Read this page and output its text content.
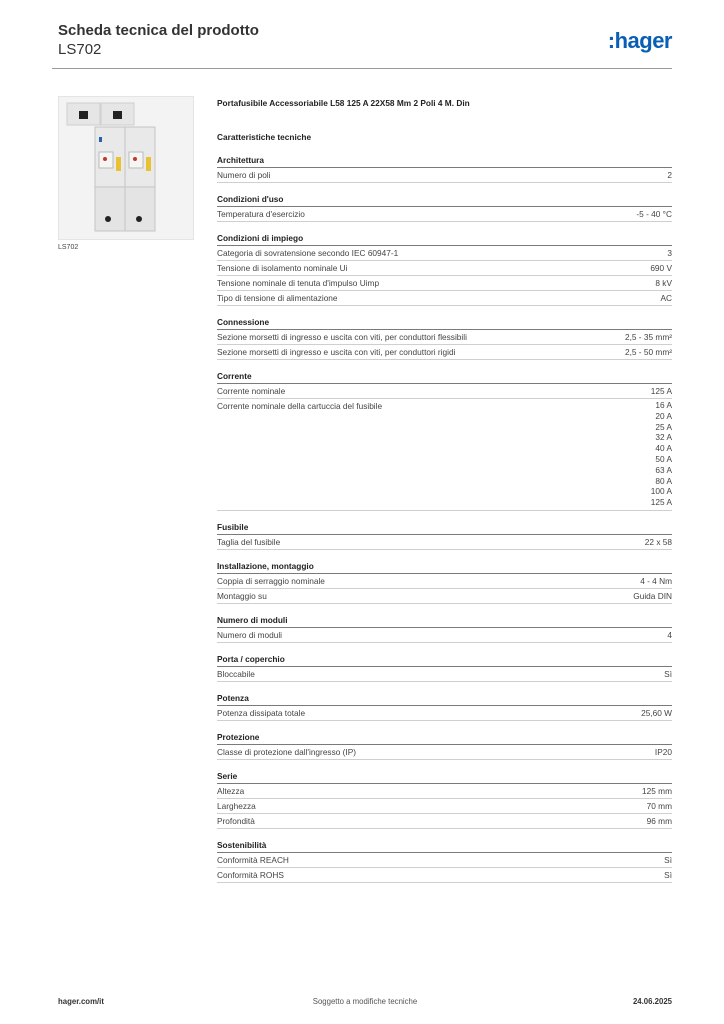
Scheda tecnica del prodotto
LS702	:hager
LS702
Portafusibile Accessoriabile L58 125 A 22X58 Mm 2 Poli 4 M. Din
Caratteristiche tecniche
Architettura
Numero di poli	2
Condizioni d'uso
Temperatura d'esercizio	-5 - 40 °C
Condizioni di impiego
Categoria di sovratensione secondo IEC 60947-1	3
Tensione di isolamento nominale Ui	690 V
Tensione nominale di tenuta d'impulso Uimp	8 kV
Tipo di tensione di alimentazione	AC
Connessione
Sezione morsetti di ingresso e uscita con viti, per conduttori flessibili	2,5 - 35 mm²
Sezione morsetti di ingresso e uscita con viti, per conduttori rigidi	2,5 - 50 mm²
Corrente
Corrente nominale	125 A
Corrente nominale della cartuccia del fusibile	16 A
20 A
25 A
32 A
40 A
50 A
63 A
80 A
100 A
125 A
Fusibile
Taglia del fusibile	22 x 58
Installazione, montaggio
Coppia di serraggio nominale	4 - 4 Nm
Montaggio su	Guida DIN
Numero di moduli
Numero di moduli	4
Porta / coperchio
Bloccabile	Sì
Potenza
Potenza dissipata totale	25,60 W
Protezione
Classe di protezione dall'ingresso (IP)	IP20
Serie
Altezza	125 mm
Larghezza	70 mm
Profondità	96 mm
Sostenibilità
Conformità REACH	Sì
Conformità ROHS	Sì
hager.com/it	Soggetto a modifiche tecniche	24.06.2025
